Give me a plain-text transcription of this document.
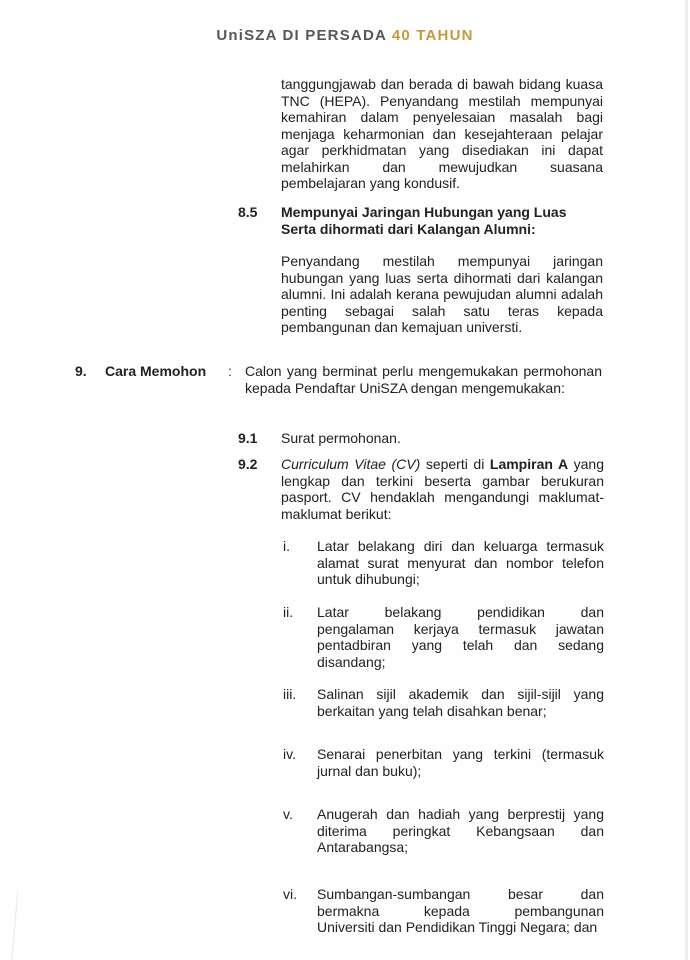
UniSZA DI PERSADA 40 TAHUN
tanggungjawab dan berada di bawah bidang kuasa
TNC (HEPA). Penyandang mestilah mempunyai
kemahiran dalam penyelesaian masalah bagi
menjaga keharmonian dan kesejahteraan pelajar
agar perkhidmatan yang disediakan ini dapat
melahirkan dan mewujudkan suasana
pembelajaran yang kondusif.
8.5 Mempunyai Jaringan Hubungan yang Luas
Serta dihormati dari Kalangan Alumni:
Penyandang mestilah mempunyai jaringan
hubungan yang luas serta dihormati dari kalangan
alumni. Ini adalah kerana pewujudan alumni adalah
penting sebagai salah satu teras kepada
pembangunan dan kemajuan universti.
9. Cara Memohon : Calon yang berminat perlu mengemukakan permohonan
kepada Pendaftar UniSZA dengan mengemukakan:
9.1 Surat permohonan.
9.2 Curriculum Vitae (CV) seperti di Lampiran A yang
lengkap dan terkini beserta gambar berukuran
pasport. CV hendaklah mengandungi maklumat-
maklumat berikut:
i. Latar belakang diri dan keluarga termasuk
alamat surat menyurat dan nombor telefon
untuk dihubungi;
ii. Latar belakang pendidikan dan
pengalaman kerjaya termasuk jawatan
pentadbiran yang telah dan sedang
disandang;
iii. Salinan sijil akademik dan sijil-sijil yang
berkaitan yang telah disahkan benar;
iv. Senarai penerbitan yang terkini (termasuk
jurnal dan buku);
v. Anugerah dan hadiah yang berprestij yang
diterima peringkat Kebangsaan dan
Antarabangsa;
vi. Sumbangan-sumbangan besar dan
bermakna kepada pembangunan
Universiti dan Pendidikan Tinggi Negara; dan
